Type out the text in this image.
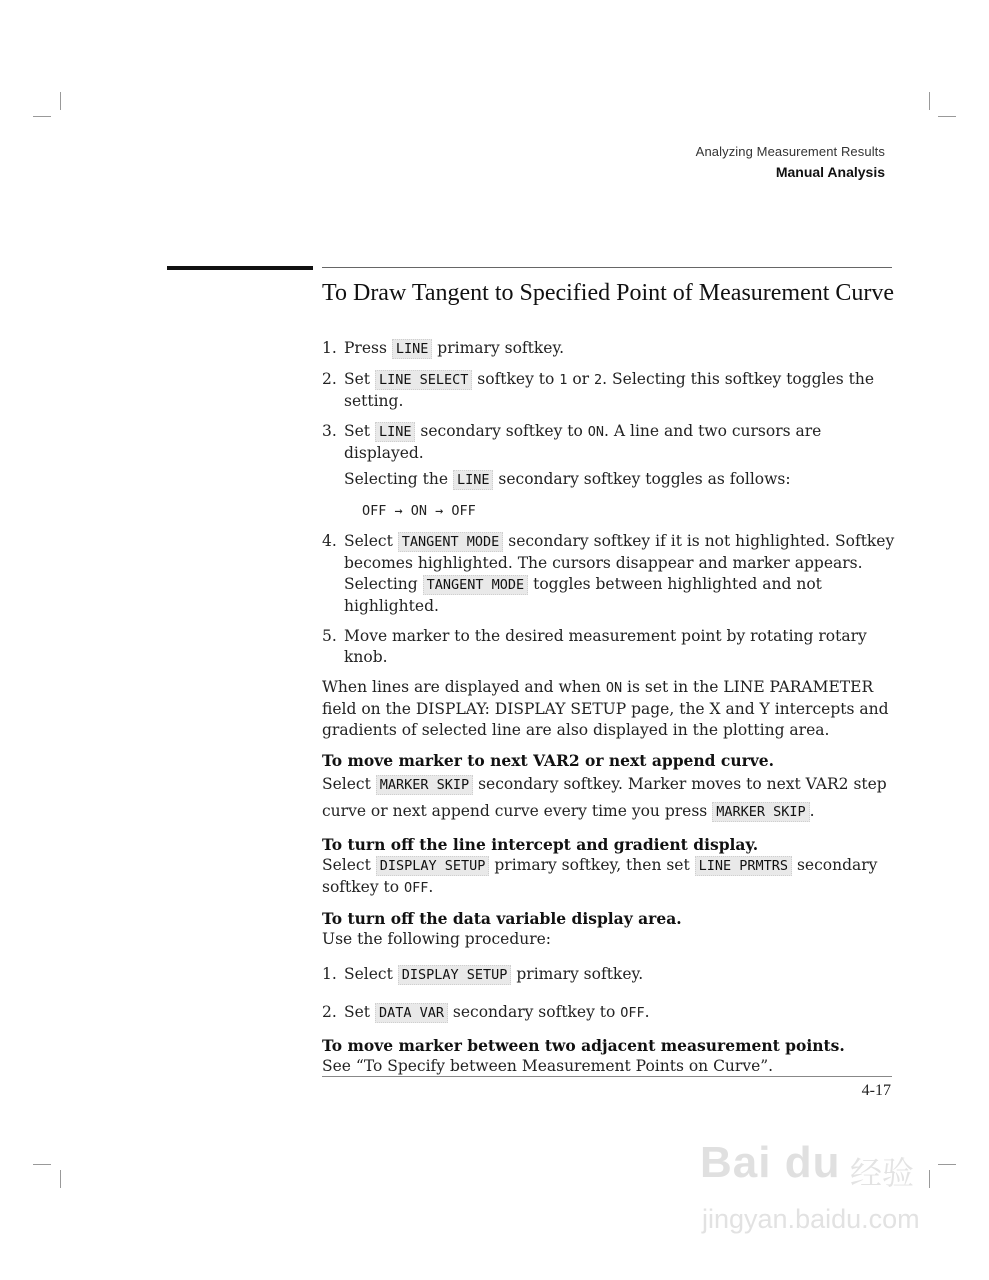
Analyzing Measurement Results
Manual Analysis
To Draw Tangent to Specified Point of Measurement Curve
1. Press LINE primary softkey.

2. Set LINE SELECT softkey to 1 or 2. Selecting this softkey toggles the setting.

3. Set LINE secondary softkey to ON. A line and two cursors are displayed.

Selecting the LINE secondary softkey toggles as follows:

OFF → ON → OFF
4. Select TANGENT MODE secondary softkey if it is not highlighted. Softkey becomes highlighted. The cursors disappear and marker appears. Selecting TANGENT MODE toggles between highlighted and not highlighted.

5. Move marker to the desired measurement point by rotating rotary knob.

When lines are displayed and when ON is set in the LINE PARAMETER field on the DISPLAY: DISPLAY SETUP page, the X and Y intercepts and gradients of selected line are also displayed in the plotting area.

To move marker to next VAR2 or next append curve.

Select MARKER SKIP secondary softkey. Marker moves to next VAR2 step curve or next append curve every time you press MARKER SKIP .

To turn off the line intercept and gradient display.

Select DISPLAY SETUP primary softkey, then set LINE PRMTRS secondary softkey to OFF.

To turn off the data variable display area.

Use the following procedure:

1. Select DISPLAY SETUP primary softkey.

2. Set DATA VAR secondary softkey to OFF.

To move marker between two adjacent measurement points.

See “To Specify between Measurement Points on Curve”.

4-17
Bai du 经验
jingyan.baidu.com
